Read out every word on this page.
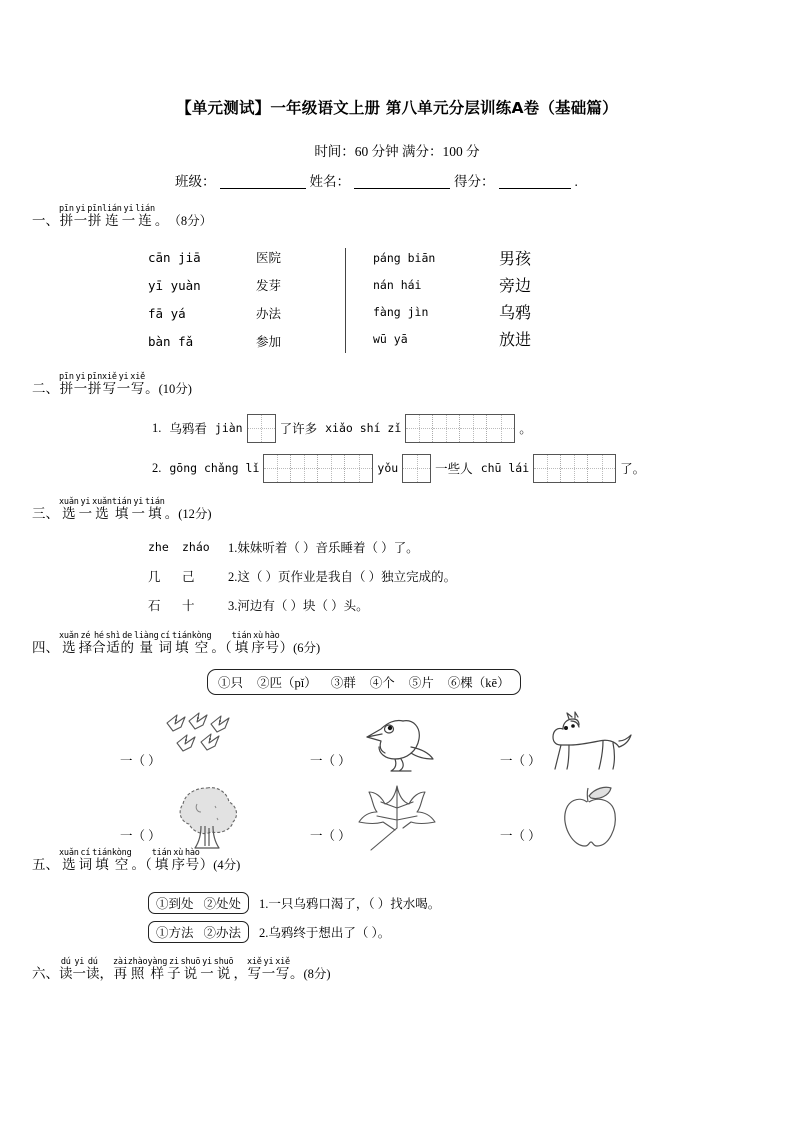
【单元测试】一年级语文上册 第八单元分层训练A卷（基础篇）
时间：60 分钟 满分：100 分
班级：	姓名：	得分：	.
一、
pīn
拼
yi
一
pīn
拼
lián
连
yi
一
lián
连 。（8分）
二、
pīn
拼
yi
一
pīn
拼
xiě
写
yi
一
xiě
写 。(10分)
三、
xuǎn
选
yi
一
xuǎn
选
tián
填
yi
一
tián
填 。(12分)
四、
xuǎn
选
zé
择
hé
合
shì
适
de
的
liàng
量
cí
词
tián
填
kòng
空
。（
tián
填
xù
序
hào
号
） (6分)
五、
xuǎn
选
cí
词
tián
填
kòng
空
。（
tián
填
xù
序
hào
号
） (4分)
六、
dú
读
yi
一
dú
读
，
zài
再
zhào
照
yàng
样
zi
子
shuō
说
yi
一
shuō
说
，
xiě
写
yi
一
xiě
写 。(8分)
cān jiā	医院
yī yuàn	发芽
fā yá	办法
bàn fǎ	参加
páng biān	男孩
nán hái	旁边
fàng jìn	乌鸦
wū yā	放进
1. 乌鸦看 jiàn	了许多 xiǎo shí zǐ	。
2. gōng chǎng lǐ	yǒu	一些人 chū lái	了。
zhe	zháo	1.妹妹听着（ ）音乐睡着（ ）了。
几	己	2.这（ ）页作业是我自（ ）独立完成的。
石	十	3.河边有（ ）块（ ）头。
①只 ②匹（pǐ） ③群 ④个 ⑤片 ⑥棵（kē）
一（ ）	一（ ）	一（ ）
一（ ）	一（ ）	一（ ）
①到处 ②处处	1.一只乌鸦口渴了，（ ）找水喝。
①方法 ②办法	2.乌鸦终于想出了（ ）。
